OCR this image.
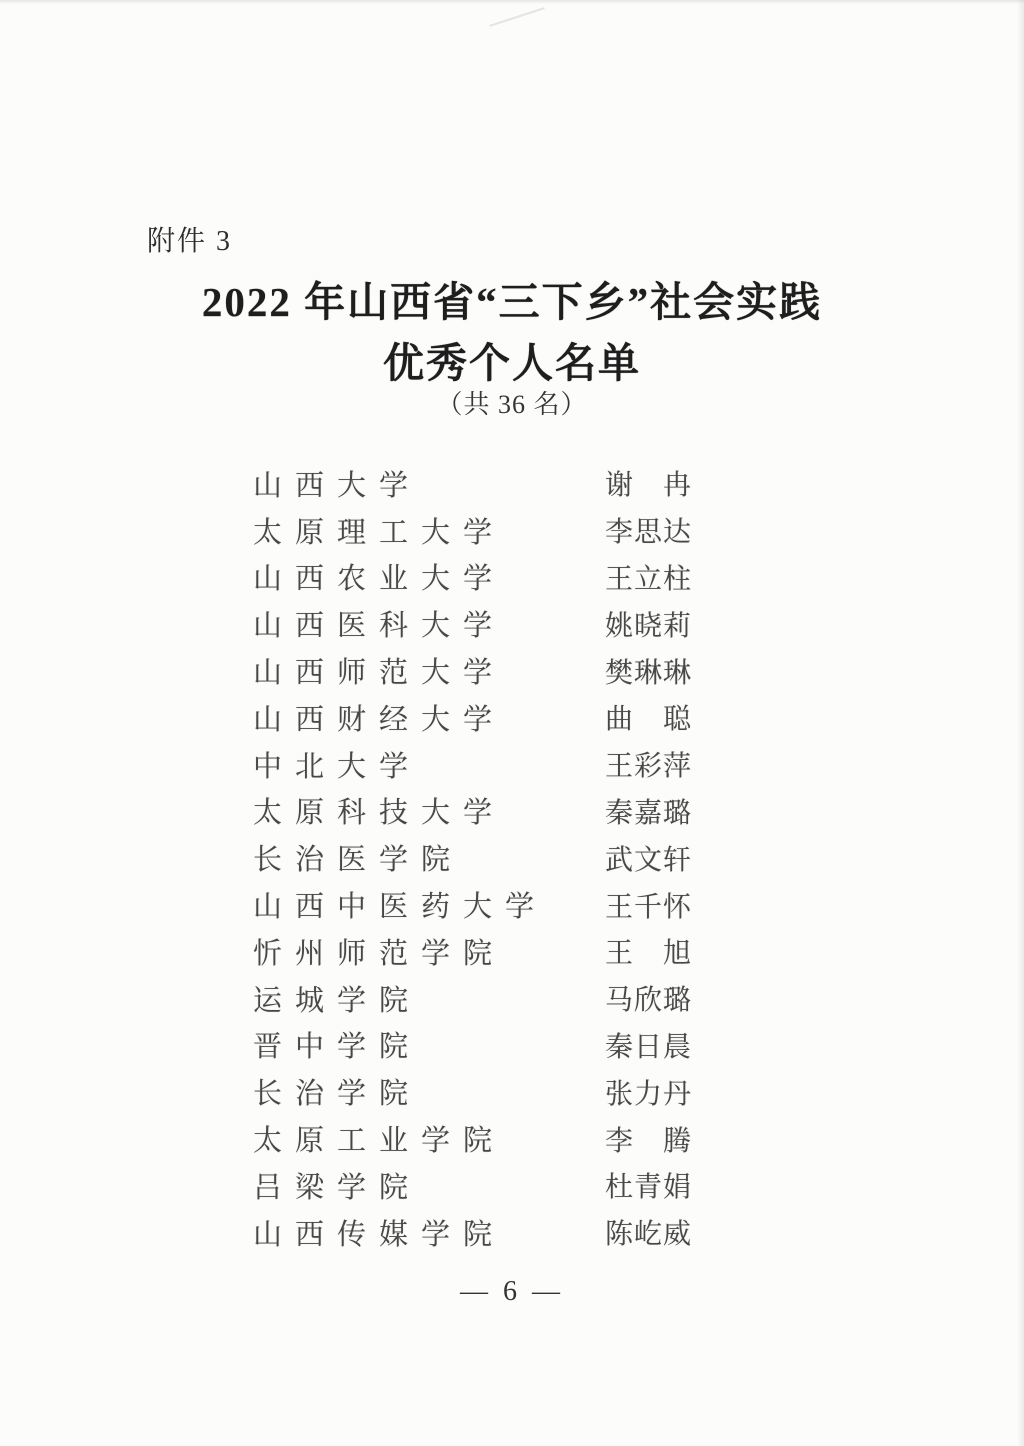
附件 3
2022 年山西省“三下乡”社会实践
优秀个人名单
（共 36 名）
山西大学	谢　冉
太原理工大学	李思达
山西农业大学	王立柱
山西医科大学	姚晓莉
山西师范大学	樊琳琳
山西财经大学	曲　聪
中北大学	王彩萍
太原科技大学	秦嘉璐
长治医学院	武文轩
山西中医药大学	王千怀
忻州师范学院	王　旭
运城学院	马欣璐
晋中学院	秦日晨
长治学院	张力丹
太原工业学院	李　腾
吕梁学院	杜青娟
山西传媒学院	陈屹威
— 6 —
